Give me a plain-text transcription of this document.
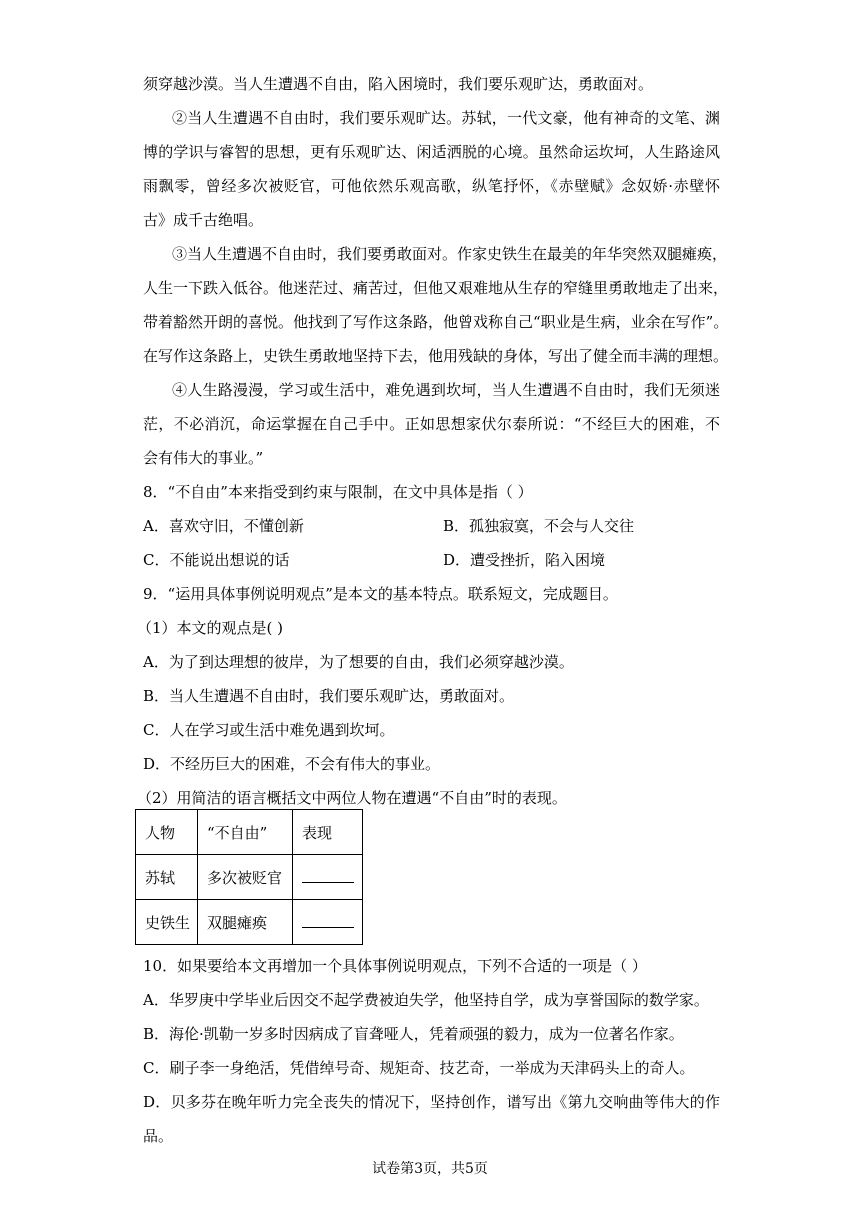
须穿越沙漠。当人生遭遇不自由，陷入困境时，我们要乐观旷达，勇敢面对。
②当人生遭遇不自由时，我们要乐观旷达。苏轼，一代文豪，他有神奇的文笔、渊
博的学识与睿智的思想，更有乐观旷达、闲适洒脱的心境。虽然命运坎坷，人生路途风
雨飘零，曾经多次被贬官，可他依然乐观高歌，纵笔抒怀，《赤壁赋》念奴娇·赤壁怀
古》成千古绝唱。
③当人生遭遇不自由时，我们要勇敢面对。作家史铁生在最美的年华突然双腿瘫痪，
人生一下跌入低谷。他迷茫过、痛苦过，但他又艰难地从生存的窄缝里勇敢地走了出来，
带着豁然开朗的喜悦。他找到了写作这条路，他曾戏称自己“职业是生病，业余在写作”。
在写作这条路上，史铁生勇敢地坚持下去，他用残缺的身体，写出了健全而丰满的理想。
④人生路漫漫，学习或生活中，难免遇到坎坷，当人生遭遇不自由时，我们无须迷
茫，不必消沉，命运掌握在自己手中。正如思想家伏尔泰所说：“不经巨大的困难，不
会有伟大的事业。”
8．“不自由”本来指受到约束与限制，在文中具体是指（ ）
A．喜欢守旧，不懂创新	B．孤独寂寞，不会与人交往
C．不能说出想说的话	D．遭受挫折，陷入困境
9．“运用具体事例说明观点”是本文的基本特点。联系短文，完成题目。
（1）本文的观点是( )
A．为了到达理想的彼岸，为了想要的自由，我们必须穿越沙漠。
B．当人生遭遇不自由时，我们要乐观旷达，勇敢面对。
C．人在学习或生活中难免遇到坎坷。
D．不经历巨大的困难，不会有伟大的事业。
（2）用简洁的语言概括文中两位人物在遭遇“不自由”时的表现。
人物	“不自由”	表现
苏轼	多次被贬官	
史铁生	双腿瘫痪	
10．如果要给本文再增加一个具体事例说明观点，下列不合适的一项是（ ）
A．华罗庚中学毕业后因交不起学费被迫失学，他坚持自学，成为享誉国际的数学家。
B．海伦·凯勒一岁多时因病成了盲聋哑人，凭着顽强的毅力，成为一位著名作家。
C．刷子李一身绝活，凭借绰号奇、规矩奇、技艺奇，一举成为天津码头上的奇人。
D．贝多芬在晚年听力完全丧失的情况下，坚持创作，谱写出《第九交响曲等伟大的作
品。
试卷第3页，共5页
